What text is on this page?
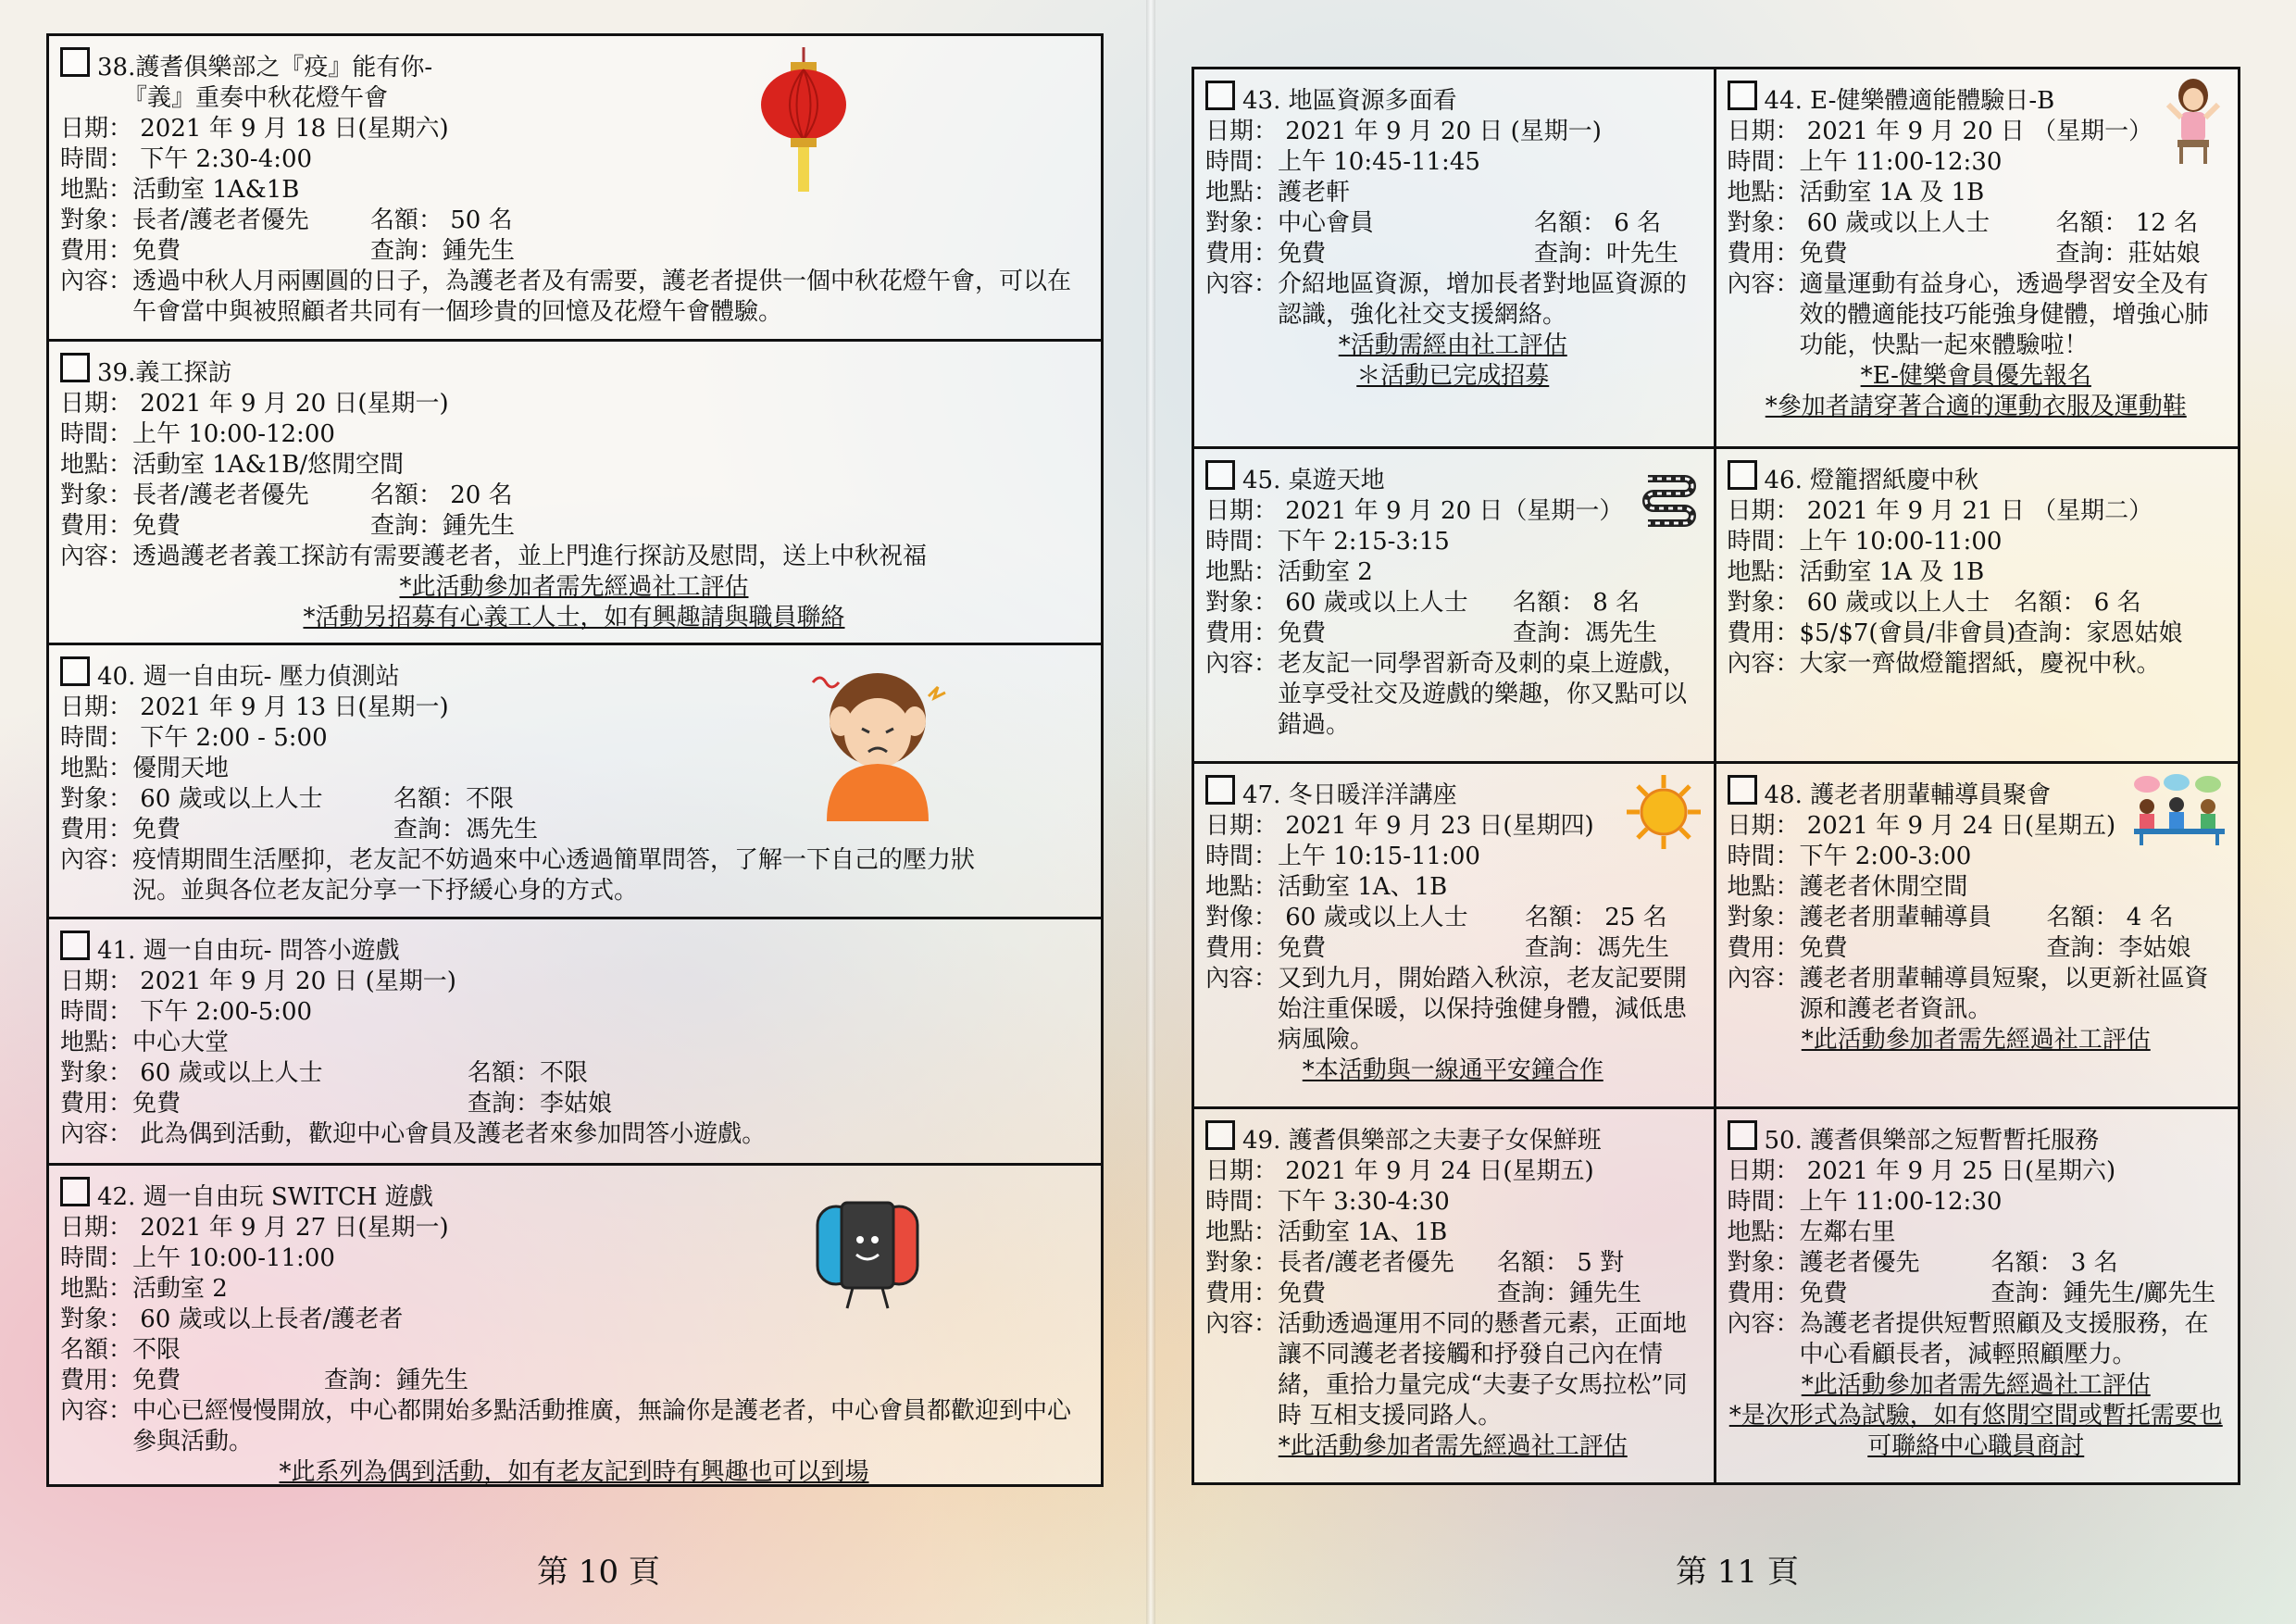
38.護耆俱樂部之『疫』能有你-
『義』重奏中秋花燈午會
日期： 2021 年 9 月 18 日(星期六)
時間： 下午 2:30-4:00
地點：活動室 1A&1B
對象：長者/護老者優先	名額： 50 名
費用：免費	查詢：鍾先生
內容： 透過中秋人月兩團圓的日子，為護老者及有需要，護老者提供一個中秋花燈午會，可以在午會當中與被照顧者共同有一個珍貴的回憶及花燈午會體驗。
39.義工探訪
日期： 2021 年 9 月 20 日(星期一)
時間：上午 10:00-12:00
地點：活動室 1A&1B/悠閒空間
對象：長者/護老者優先	名額： 20 名
費用：免費	查詢：鍾先生
內容： 透過護老者義工探訪有需要護老者，並上門進行探訪及慰問，送上中秋祝福
*此活動參加者需先經過社工評估
*活動另招募有心義工人士，如有興趣請與職員聯絡
40. 週一自由玩- 壓力偵測站
日期： 2021 年 9 月 13 日(星期一)
時間： 下午 2:00 - 5:00
地點：優閒天地
對象： 60 歲或以上人士	名額：不限
費用：免費	查詢：馮先生
內容： 疫情期間生活壓抑，老友記不妨過來中心透過簡單問答，了解一下自己的壓力狀況。並與各位老友記分享一下抒緩心身的方式。
41. 週一自由玩- 問答小遊戲
日期： 2021 年 9 月 20 日 (星期一)
時間： 下午 2:00-5:00
地點：中心大堂
對象： 60 歲或以上人士	名額：不限
費用：免費	查詢：李姑娘
內容： 此為偶到活動，歡迎中心會員及護老者來參加問答小遊戲。
42. 週一自由玩 SWITCH 遊戲
日期： 2021 年 9 月 27 日(星期一)
時間：上午 10:00-11:00
地點：活動室 2
對象： 60 歲或以上長者/護老者
名額：不限
費用：免費	查詢：鍾先生
內容： 中心已經慢慢開放，中心都開始多點活動推廣，無論你是護老者，中心會員都歡迎到中心參與活動。
*此系列為偶到活動，如有老友記到時有興趣也可以到場
第 10 頁
43. 地區資源多面看
日期： 2021 年 9 月 20 日 (星期一)
時間：上午 10:45-11:45
地點：護老軒
對象：中心會員	名額： 6 名
費用：免費	查詢：叶先生
內容： 介紹地區資源，增加長者對地區資源的認識，強化社交支援網絡。
*活動需經由社工評估
＊活動已完成招募
44. E-健樂體適能體驗日-B
日期： 2021 年 9 月 20 日 （星期一）
時間：上午 11:00-12:30
地點：活動室 1A 及 1B
對象： 60 歲或以上人士	名額： 12 名
費用：免費	查詢：莊姑娘
內容： 適量運動有益身心，透過學習安全及有效的體適能技巧能強身健體，增強心肺功能，快點一起來體驗啦！
*E-健樂會員優先報名
*參加者請穿著合適的運動衣服及運動鞋
45. 桌遊天地
日期： 2021 年 9 月 20 日（星期一）
時間：下午 2:15-3:15
地點：活動室 2
對象： 60 歲或以上人士 名額： 8 名
費用：免費	查詢：馮先生
內容： 老友記一同學習新奇及刺的桌上遊戲，並享受社交及遊戲的樂趣，你又點可以錯過。
46. 燈籠摺紙慶中秋
日期： 2021 年 9 月 21 日 （星期二）
時間：上午 10:00-11:00
地點：活動室 1A 及 1B
對象： 60 歲或以上人士 名額： 6 名
費用：$5/$7(會員/非會員)
查詢：家恩姑娘
內容： 大家一齊做燈籠摺紙，慶祝中秋。
47. 冬日暖洋洋講座
日期： 2021 年 9 月 23 日(星期四)
時間：上午 10:15-11:00
地點：活動室 1A、1B
對像： 60 歲或以上人士 名額： 25 名
費用：免費	查詢：馮先生
內容： 又到九月，開始踏入秋涼，老友記要開始注重保暖，以保持強健身體，減低患病風險。
*本活動與一線通平安鐘合作
48. 護老者朋輩輔導員聚會
日期： 2021 年 9 月 24 日(星期五)
時間：下午 2:00-3:00
地點：護老者休閒空間
對象：護老者朋輩輔導員 名額： 4 名
費用：免費	查詢：李姑娘
內容： 護老者朋輩輔導員短聚，以更新社區資源和護老者資訊。
*此活動參加者需先經過社工評估
49. 護耆俱樂部之夫妻子女保鮮班
日期： 2021 年 9 月 24 日(星期五)
時間：下午 3:30-4:30
地點：活動室 1A、1B
對象：長者/護老者優先 名額： 5 對
費用：免費	查詢：鍾先生
內容： 活動透過運用不同的懸耆元素，正面地讓不同護老者接觸和抒發自己內在情緒，重拾力量完成“夫妻子女馬拉松”同時 互相支援同路人。
*此活動參加者需先經過社工評估
50. 護耆俱樂部之短暫暫托服務
日期： 2021 年 9 月 25 日(星期六)
時間：上午 11:00-12:30
地點：左鄰右里
對象：護老者優先	名額： 3 名
費用：免費	查詢：鍾先生/鄺先生
內容： 為護老者提供短暫照顧及支援服務，在中心看顧長者，減輕照顧壓力。
*此活動參加者需先經過社工評估
*是次形式為試驗，如有悠閒空間或暫托需要也可聯絡中心職員商討
第 11 頁
